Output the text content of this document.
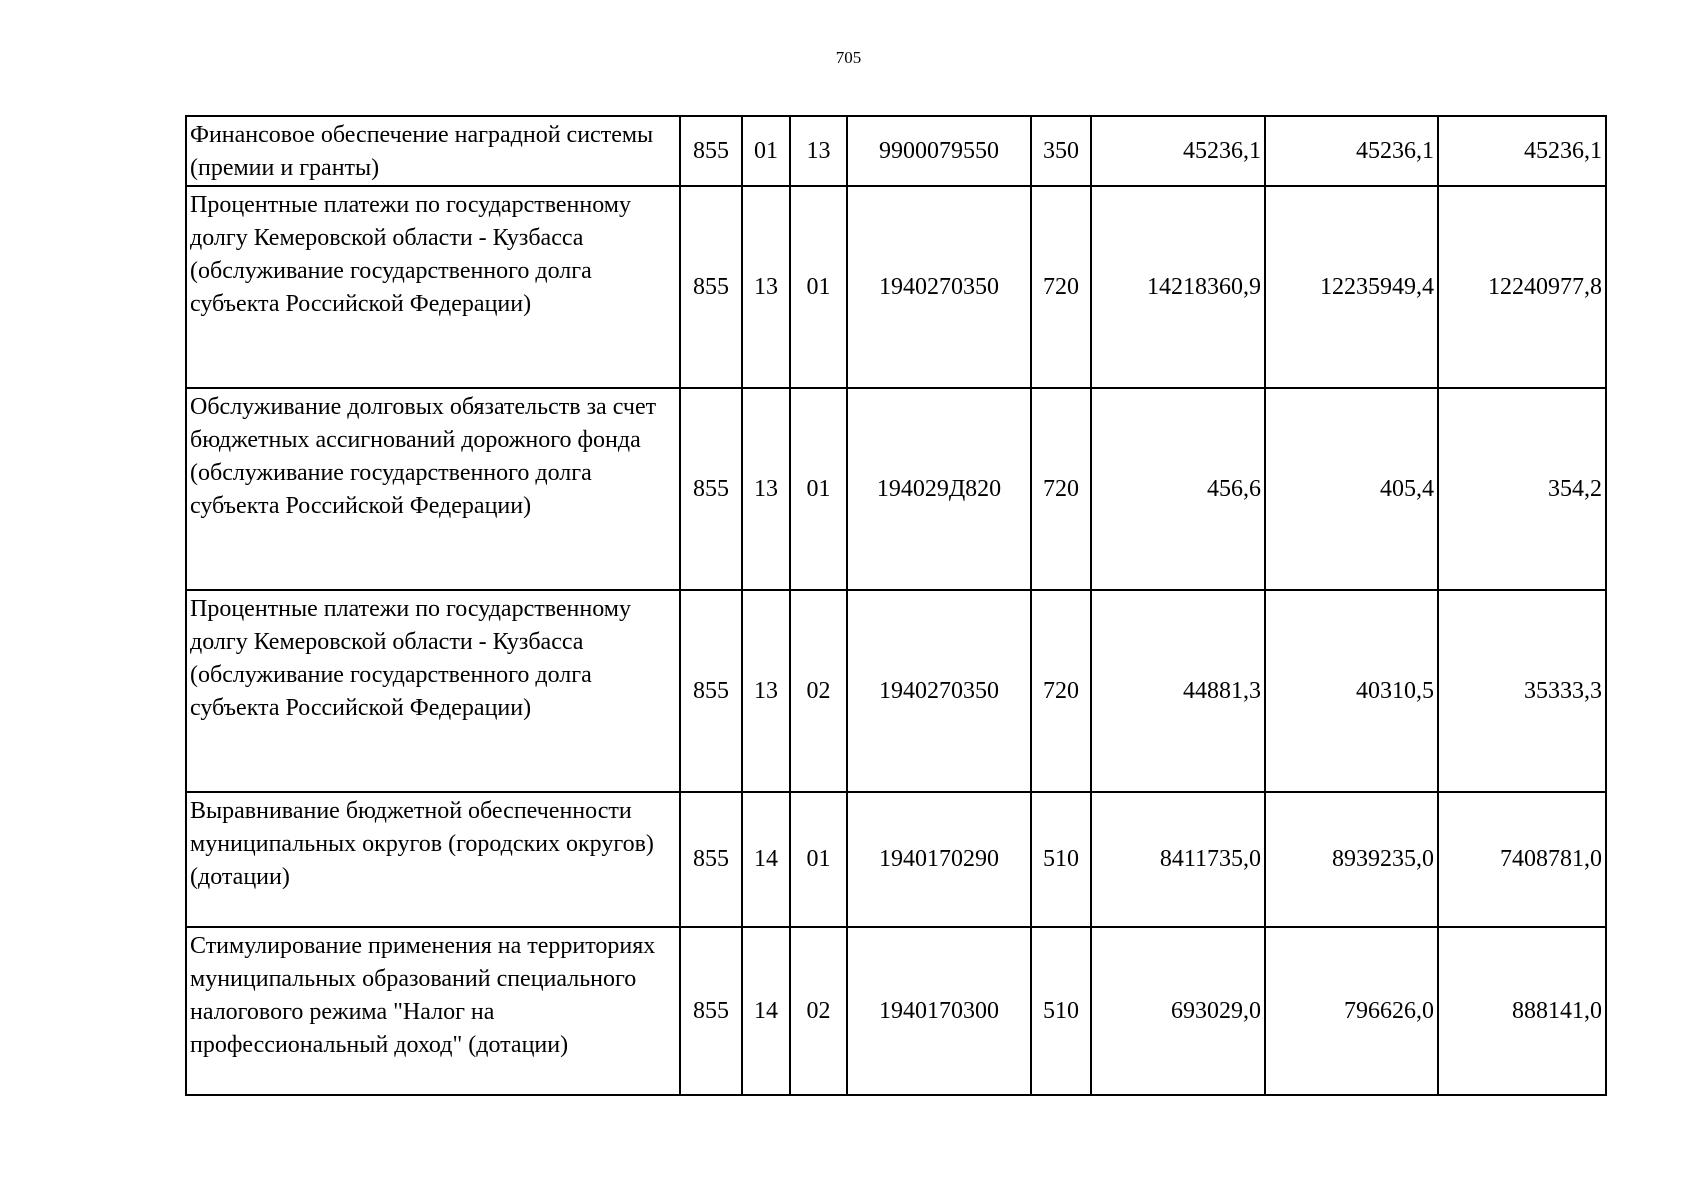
705
Финансовое обеспечение наградной системы (премии и гранты)	855	01	13	9900079550	350	45236,1	45236,1	45236,1
Процентные платежи по государственному долгу Кемеровской области - Кузбасса (обслуживание государственного долга субъекта Российской Федерации)	855	13	01	1940270350	720	14218360,9	12235949,4	12240977,8
Обслуживание долговых обязательств за счет бюджетных ассигнований дорожного фонда (обслуживание государственного долга субъекта Российской Федерации)	855	13	01	194029Д820	720	456,6	405,4	354,2
Процентные платежи по государственному долгу Кемеровской области - Кузбасса (обслуживание государственного долга субъекта Российской Федерации)	855	13	02	1940270350	720	44881,3	40310,5	35333,3
Выравнивание бюджетной обеспеченности муниципальных округов (городских округов) (дотации)	855	14	01	1940170290	510	8411735,0	8939235,0	7408781,0
Стимулирование применения на территориях муниципальных образований специального налогового режима "Налог на профессиональный доход" (дотации)	855	14	02	1940170300	510	693029,0	796626,0	888141,0
